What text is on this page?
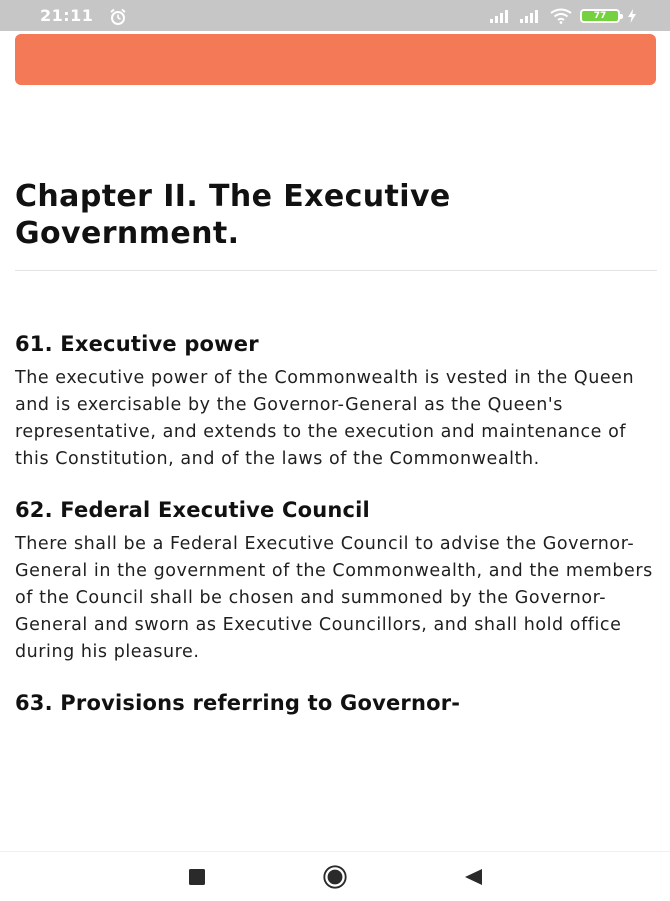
21:11	77
Chapter II. The Executive Government.
61. Executive power

The executive power of the Commonwealth is vested in the Queen and is exercisable by the Governor-General as the Queen's representative, and extends to the execution and maintenance of this Constitution, and of the laws of the Commonwealth.

62. Federal Executive Council

There shall be a Federal Executive Council to advise the Governor-General in the government of the Commonwealth, and the members of the Council shall be chosen and summoned by the Governor-General and sworn as Executive Councillors, and shall hold office during his pleasure.

63. Provisions referring to Governor-
